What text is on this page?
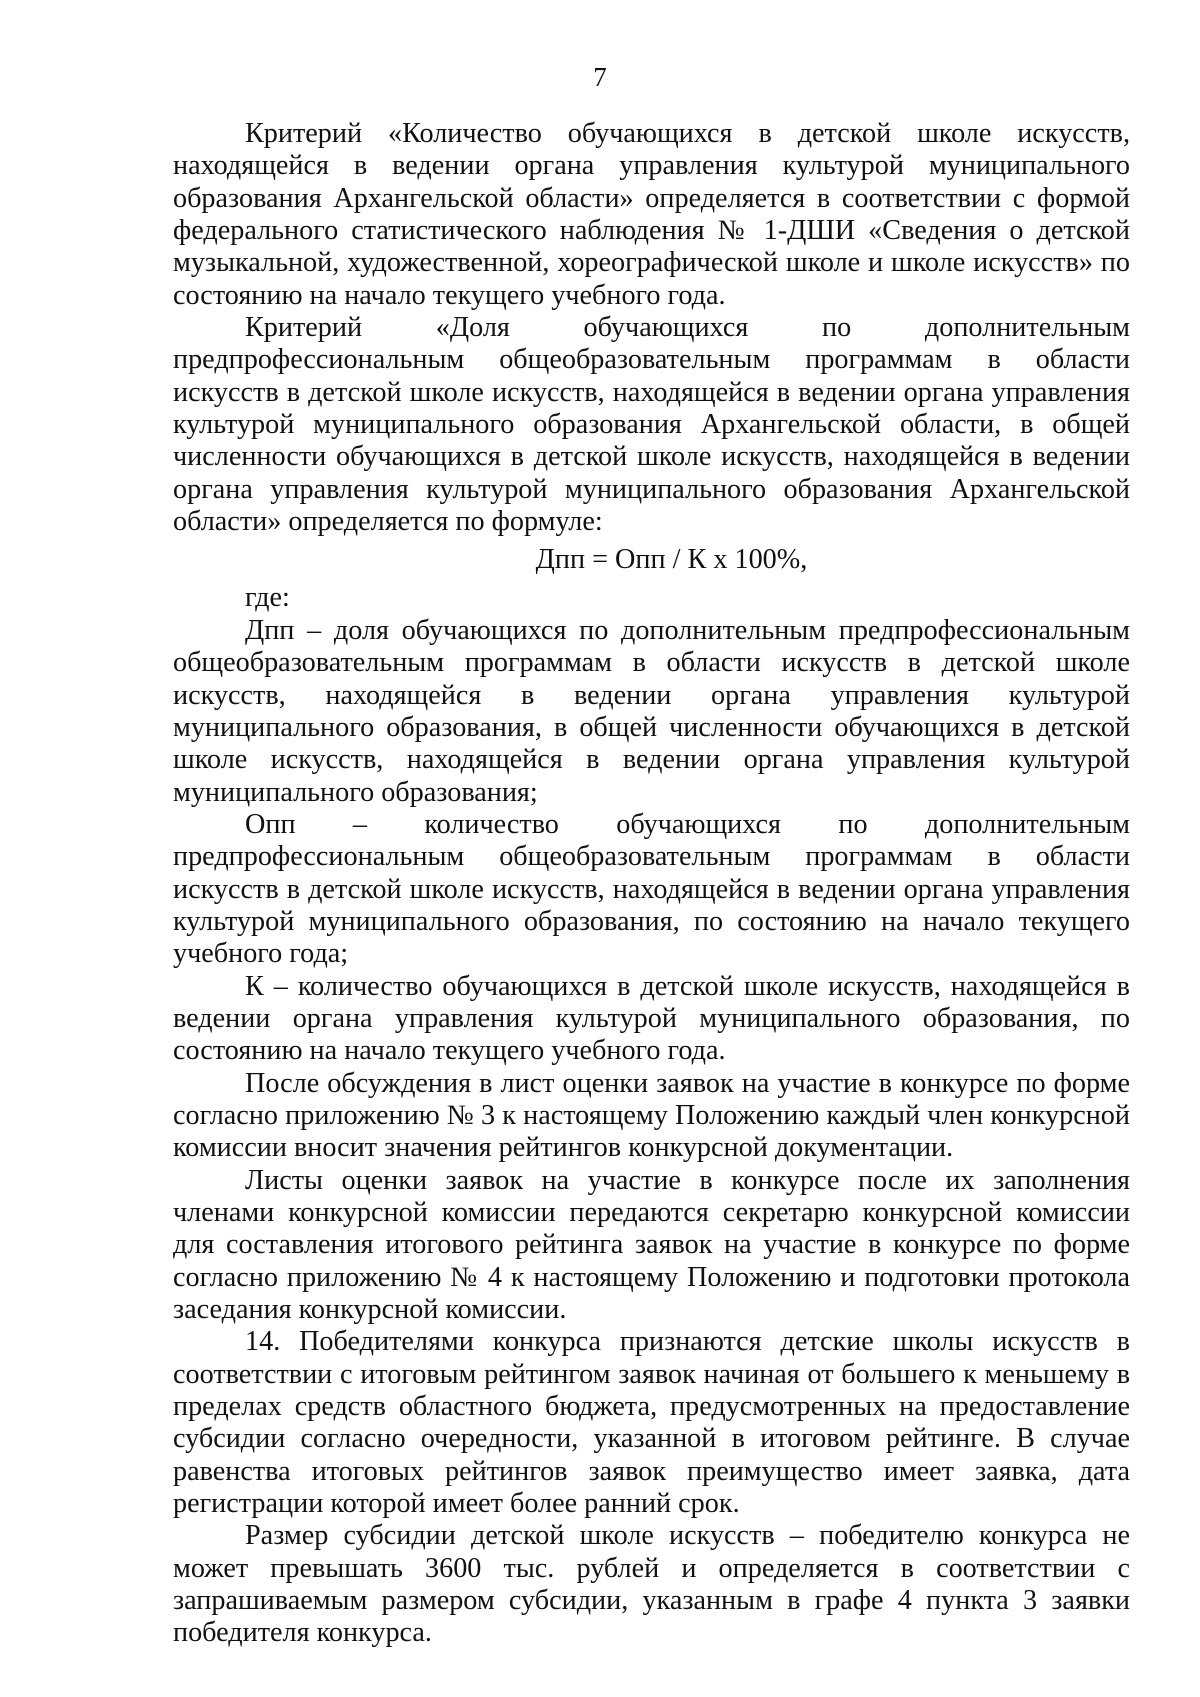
7

Критерий «Количество обучающихся в детской школе искусств, находящейся в ведении органа управления культурой муниципального образования Архангельской области» определяется в соответствии с формой федерального статистического наблюдения № 1-ДШИ «Сведения о детской музыкальной, художественной, хореографической школе и школе искусств» по состоянию на начало текущего учебного года.

Критерий «Доля обучающихся по дополнительным предпрофессиональным общеобразовательным программам в области искусств в детской школе искусств, находящейся в ведении органа управления культурой муниципального образования Архангельской области, в общей численности обучающихся в детской школе искусств, находящейся в ведении органа управления культурой муниципального образования Архангельской области» определяется по формуле:

Дпп = Опп / К х 100%,

где:

Дпп – доля обучающихся по дополнительным предпрофессиональным общеобразовательным программам в области искусств в детской школе искусств, находящейся в ведении органа управления культурой муниципального образования, в общей численности обучающихся в детской школе искусств, находящейся в ведении органа управления культурой муниципального образования;

Опп – количество обучающихся по дополнительным предпрофессиональным общеобразовательным программам в области искусств в детской школе искусств, находящейся в ведении органа управления культурой муниципального образования, по состоянию на начало текущего учебного года;

К – количество обучающихся в детской школе искусств, находящейся в ведении органа управления культурой муниципального образования, по состоянию на начало текущего учебного года.

После обсуждения в лист оценки заявок на участие в конкурсе по форме согласно приложению № 3 к настоящему Положению каждый член конкурсной комиссии вносит значения рейтингов конкурсной документации.

Листы оценки заявок на участие в конкурсе после их заполнения членами конкурсной комиссии передаются секретарю конкурсной комиссии для составления итогового рейтинга заявок на участие в конкурсе по форме согласно приложению № 4 к настоящему Положению и подготовки протокола заседания конкурсной комиссии.

14. Победителями конкурса признаются детские школы искусств в соответствии с итоговым рейтингом заявок начиная от большего к меньшему в пределах средств областного бюджета, предусмотренных на предоставление субсидии согласно очередности, указанной в итоговом рейтинге. В случае равенства итоговых рейтингов заявок преимущество имеет заявка, дата регистрации которой имеет более ранний срок.

Размер субсидии детской школе искусств – победителю конкурса не может превышать 3600 тыс. рублей и определяется в соответствии с запрашиваемым размером субсидии, указанным в графе 4 пункта 3 заявки победителя конкурса.
